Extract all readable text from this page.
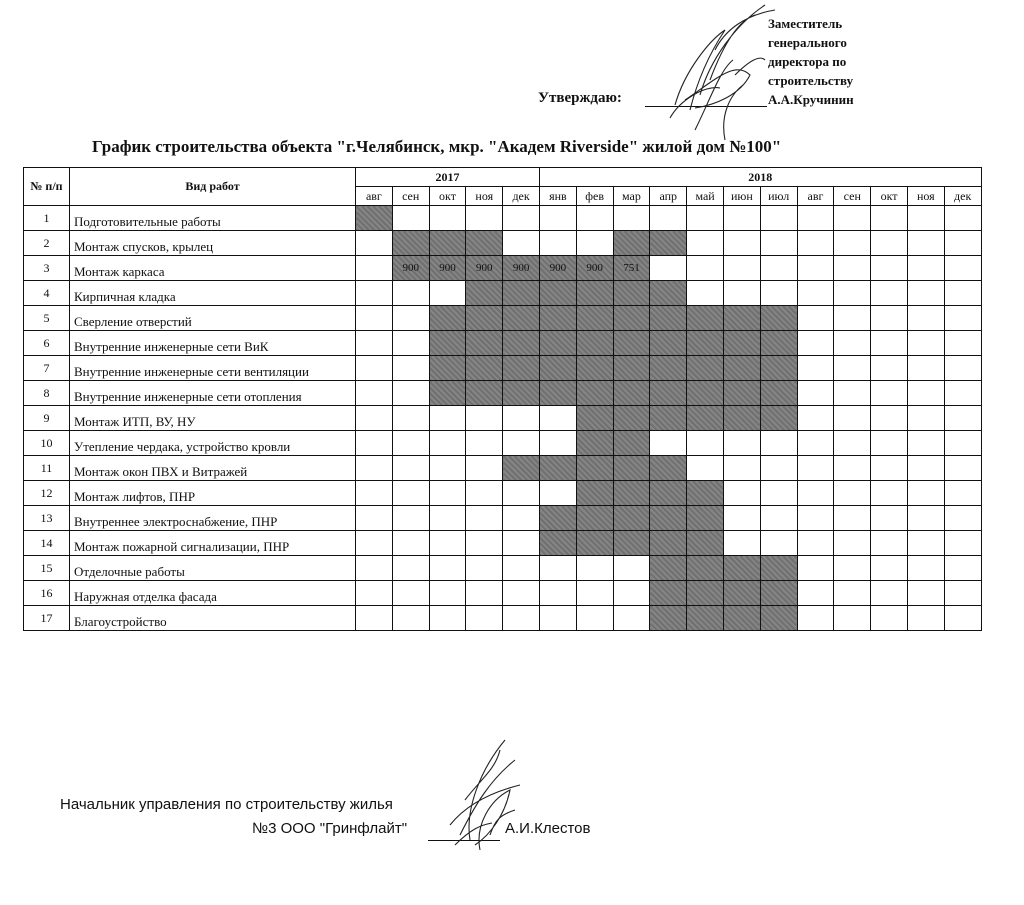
Заместитель
генерального
директора по
строительству
А.А.Кручинин
Утверждаю:
График строительства объекта "г.Челябинск, мкр. "Академ Riverside" жилой дом №100"
№ п/п	Вид работ	2017					2018											
		авг	сен	окт	ноя	дек	янв	фев	мар	апр	май	июн	июл	авг	сен	окт	ноя	дек
1	Подготовительные работы																	
2	Монтаж спусков, крылец																	
3	Монтаж каркаса		900	900	900	900	900	900	751									
4	Кирпичная кладка																	
5	Сверление отверстий																	
6	Внутренние инженерные сети ВиК																	
7	Внутренние инженерные сети вентиляции																	
8	Внутренние инженерные сети отопления																	
9	Монтаж ИТП, ВУ, НУ																	
10	Утепление чердака, устройство кровли																	
11	Монтаж окон ПВХ и Витражей																	
12	Монтаж лифтов, ПНР																	
13	Внутреннее электроснабжение, ПНР																	
14	Монтаж пожарной сигнализации, ПНР																	
15	Отделочные работы																	
16	Наружная отделка фасада																	
17	Благоустройство																	
Начальник управления по строительству жилья
№3 ООО "Гринфлайт"	А.И.Клестов
